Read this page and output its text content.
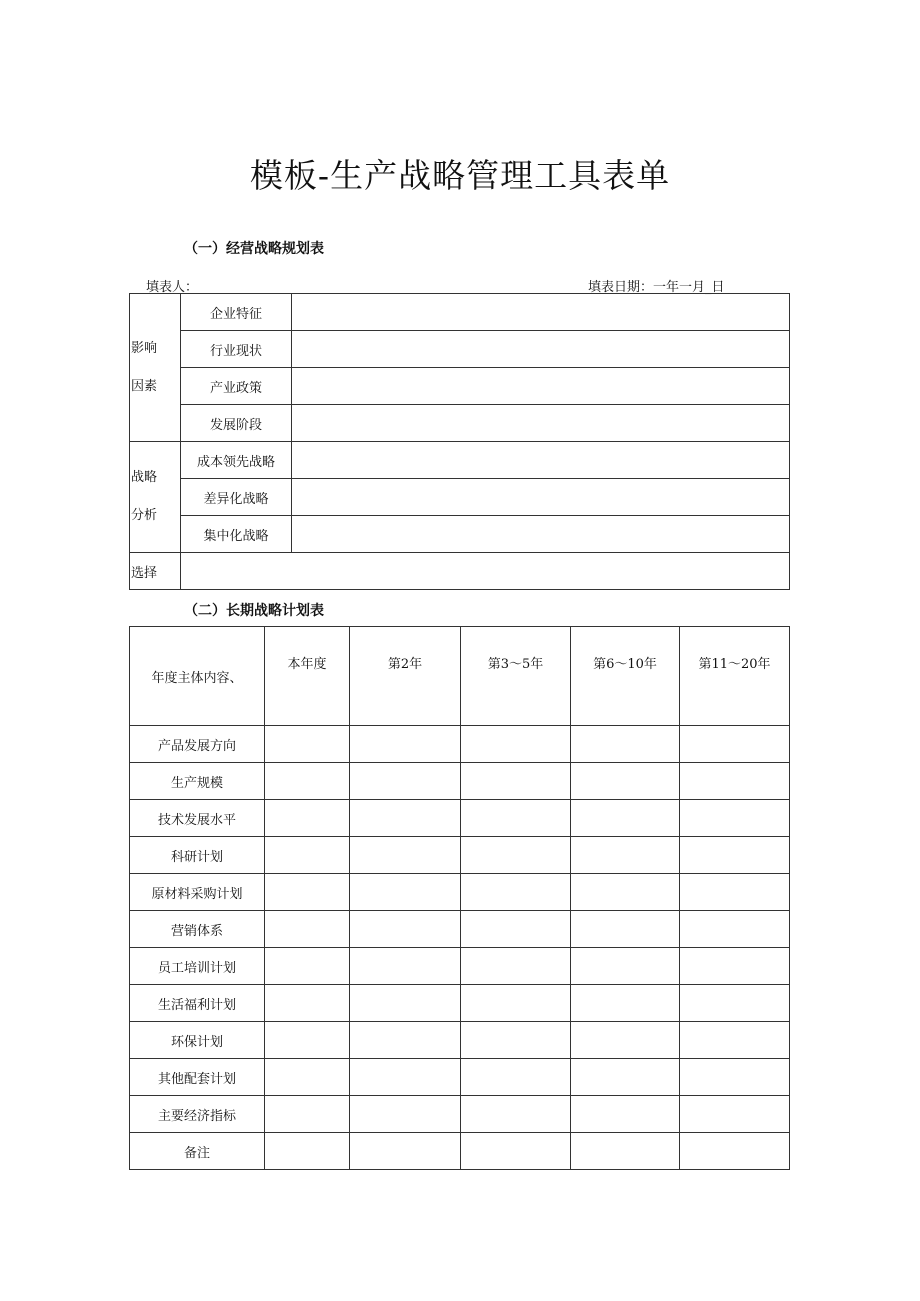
模板-生产战略管理工具表单
（一）经营战略规划表
填表人：	填表日期：一年一月_日
影响
因素	企业特征	
	行业现状	
	产业政策	
	发展阶段	

战略
分析	成本领先战略	
	差异化战略	
	集中化战略	
选择		
（二）长期战略计划表
年度主体内容、	本年度	第2年	第3～5年	第6～10年	第11～20年
产品发展方向					
生产规模					
技术发展水平					
科研计划					
原材料采购计划					
营销体系					
员工培训计划					
生活福利计划					
环保计划					
其他配套计划					
主要经济指标					
备注					
